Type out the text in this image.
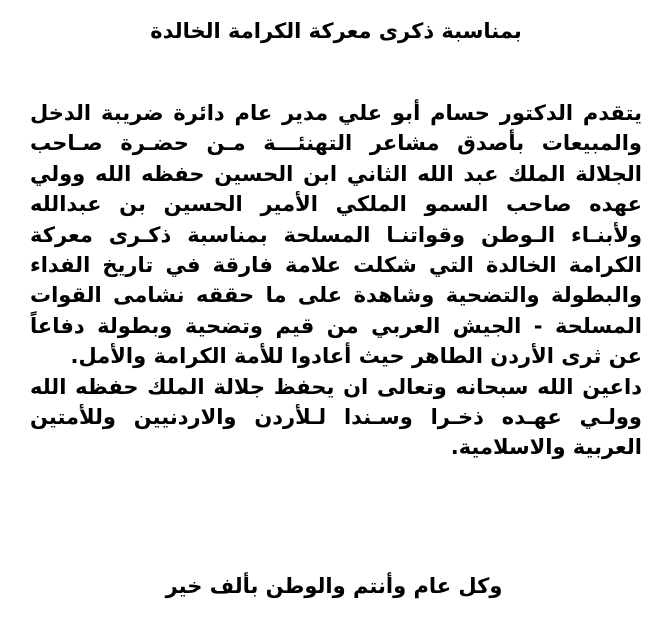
بمناسبة ذكرى معركة الكرامة الخالدة
يتقدم الدكتور حسام أبو علي مدير عام دائرة ضريبة الدخل
والمبيعات بأصدق مشاعر التهنئـــة مـن حضـرة صـاحب
الجلالة الملك عبد الله الثاني ابن الحسين حفظه الله وولي
عهده صاحب السمو الملكي الأمير الحسين بن عبدالله
ولأبنـاء الـوطن وقواتنـا المسلحة بمناسبة ذكـرى معركة
الكرامة الخالدة التي شكلت علامة فارقة في تاريخ الفداء
والبطولة والتضحية وشاهدة على ما حققه نشامى القوات
المسلحة - الجيش العربي من قيم وتضحية وبطولة دفاعاً
عن ثرى الأردن الطاهر حيث أعادوا للأمة الكرامة والأمل.
داعين الله سبحانه وتعالى ان يحفظ جلالة الملك حفظه الله
وولـي عهـده ذخـرا وسـندا لـلأردن والاردنيين وللأمتين
العربية والاسلامية.
وكل عام وأنتم والوطن بألف خير
